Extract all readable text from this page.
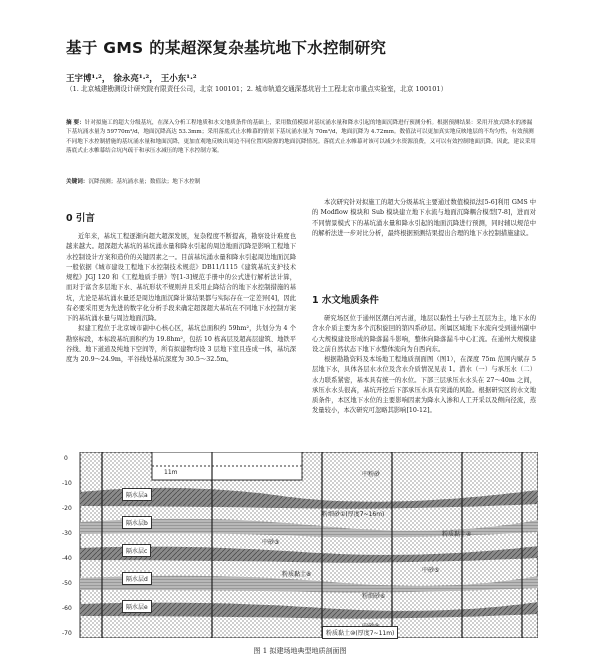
基于 GMS 的某超深复杂基坑地下水控制研究
王宇博¹·²， 徐永亮¹·²， 王小东¹·²
（1. 北京城建勘测设计研究院有限责任公司，北京 100101；2. 城市轨道交通深基坑岩土工程北京市重点实验室，北京 100101）
摘 要：针对拟施工的超大分级基坑，在深入分析工程地质和水文地质条件的基础上，采用数值模拟对基坑涌水量和降水引起的地面沉降进行预测分析。根据预测结果：采用开放式降水的渗漏下基坑涌水量为 59770m³/d，地面沉降高达 53.3mm；采用落底式止水帷幕的情景下基坑涌水量为 70m³/d，地面沉降为 4.72mm。数值法可以更加真实地反映地层的不均匀性，有效预测不同地下水控制措施的基坑涌水量和地面沉降，更加直观地反映出周边不同位置风险源的地面沉降情况。落底式止水帷幕对该可以减少水资源浪费，又可以有效控制地面沉降。因此，建议采用落底式止水帷幕结合坑内疏干和承压水减压的地下水控制方案。
关键词：沉降预测；基坑涌水量；数值法；地下水控制
0 引言

近年来，基坑工程逐渐向超大超深发展，复杂程度不断提高，勘察设计难度也越来越大。超深超大基坑的基坑涌水量和降水引起的周边地面沉降是影响工程地下水控制设计方案和造价的关键因素之一。目前基坑涌水量和降水引起周边地面沉降一般依据《城市建设工程地下水控制技术规范》DB11/1115《建筑基坑支护技术规程》JGJ 120 和《工程地质手册》等[1-3]规范手册中的公式进行解析法计算，而对于富含多层地下水、基坑形状不规则并且采用止降结合的地下水控制措施的基坑，尤论是基坑涌水量还是周边地面沉降计算结果都与实际存在一定差异[4]，因此有必要采用更为先进的数字化分析手段来确定超深超大基坑在不同地下水控制方案下的基坑涌水量与周边地面沉降。

拟建工程位于北京城市副中心核心区，基坑总面积约 59hm²，共划分为 4 个勘察标段，本标段基坑面积约为 19.8hm²，包括 10 栋高层及超高层建筑、地铁平谷线、地下道道及纯地下空间等，所有拟建物均设 3 层地下室且连成一体，基坑深度为 20.9～24.9m，平谷线处基坑深度为 30.5～32.5m。

本次研究针对拟施工的超大分级基坑主要通过数值模拟法[5-6]利用 GMS 中的 Modflow 模块和 Sub 模块建立地下水流与地面沉降耦合模型[7-8]，进而对不同情景模式下的基坑涌水量和降水引起的地面沉降进行预测，同时辅以规范中的解析法进一步对比分析，最终根据预测结果提出合理的地下水控制措施建议。

1 水文地质条件

研究场区位于通州区潮白河古道，地层以黏性土与砂土互层为主，地下水的含水介质主要为多个沉积旋回的第四系砂层。所属区域地下水流向受到通州副中心大规模建设形成的降落漏斗影响，整体向降落漏斗中心汇流。在通州大规模建设之前自然状态下地下水整体流向为自西向东。

根据勘勘资料及本场地工程地质剖面图（图1），在深度 75m 范围内赋存 5 层地下水，具体各层水水位及含水介质情况见表 1。潜水（一）与承压水（二）水力联系紧密，基本具有统一的水位。下部三层承压水水头在 27～40m 之间，承压水水头很高，基坑开挖后下部承压水具有突涌的风险。根据研究区的水文地质条件，本区地下水位的主要影响因素为降水入渗和人工开采以及侧向径流，蒸发量较小，本次研究可忽略其影响[10-12]。

0
-10
-20
-30
-40
-50
-60
-70
11m	中粉砂
粉细砂①(厚度7~16m)
中砂③
中砂⑤
粉细砂⑥
粉质黏土⑧
粉质黏土④
隔水层a
隔水层b
隔水层c
隔水层d
隔水层e
粉质黏土⑩(厚度7~11m)
图 1 拟建场地典型地质剖面图
